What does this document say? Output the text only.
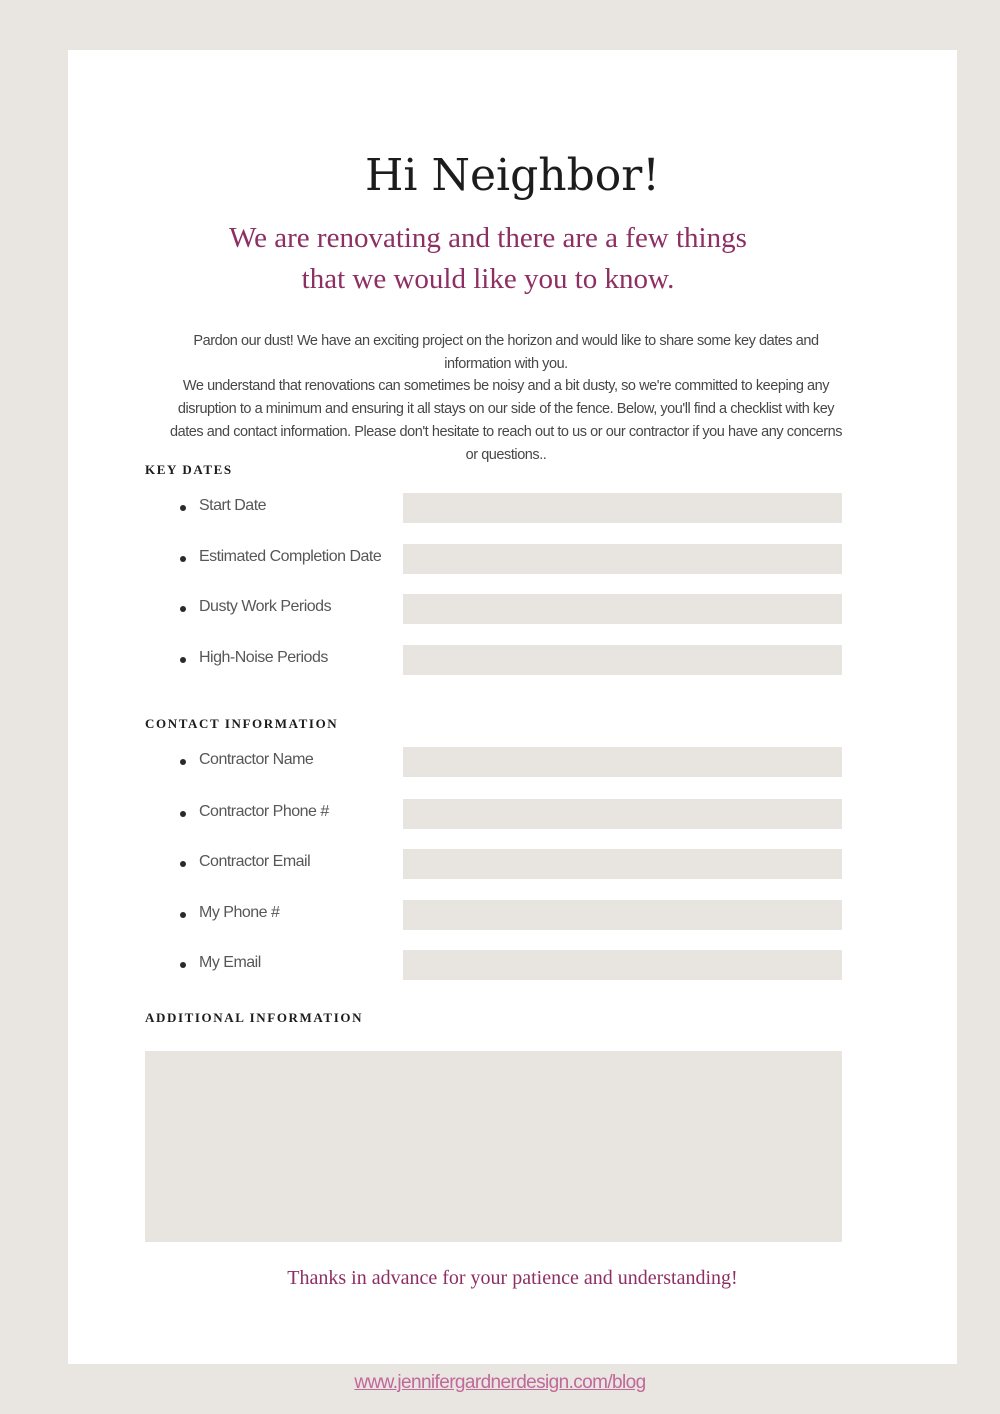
Hi Neighbor!
We are renovating and there are a few things
that we would like you to know.

Pardon our dust! We have an exciting project on the horizon and would like to share some key dates and information with you.
We understand that renovations can sometimes be noisy and a bit dusty, so we're committed to keeping any disruption to a minimum and ensuring it all stays on our side of the fence. Below, you'll find a checklist with key dates and contact information. Please don't hesitate to reach out to us or our contractor if you have any concerns or questions..

KEY DATES
Start Date
Estimated Completion Date
Dusty Work Periods
High-Noise Periods
CONTACT INFORMATION
Contractor Name
Contractor Phone #
Contractor Email
My Phone #
My Email
ADDITIONAL INFORMATION

Thanks in advance for your patience and understanding!

www.jennifergardnerdesign.com/blog
